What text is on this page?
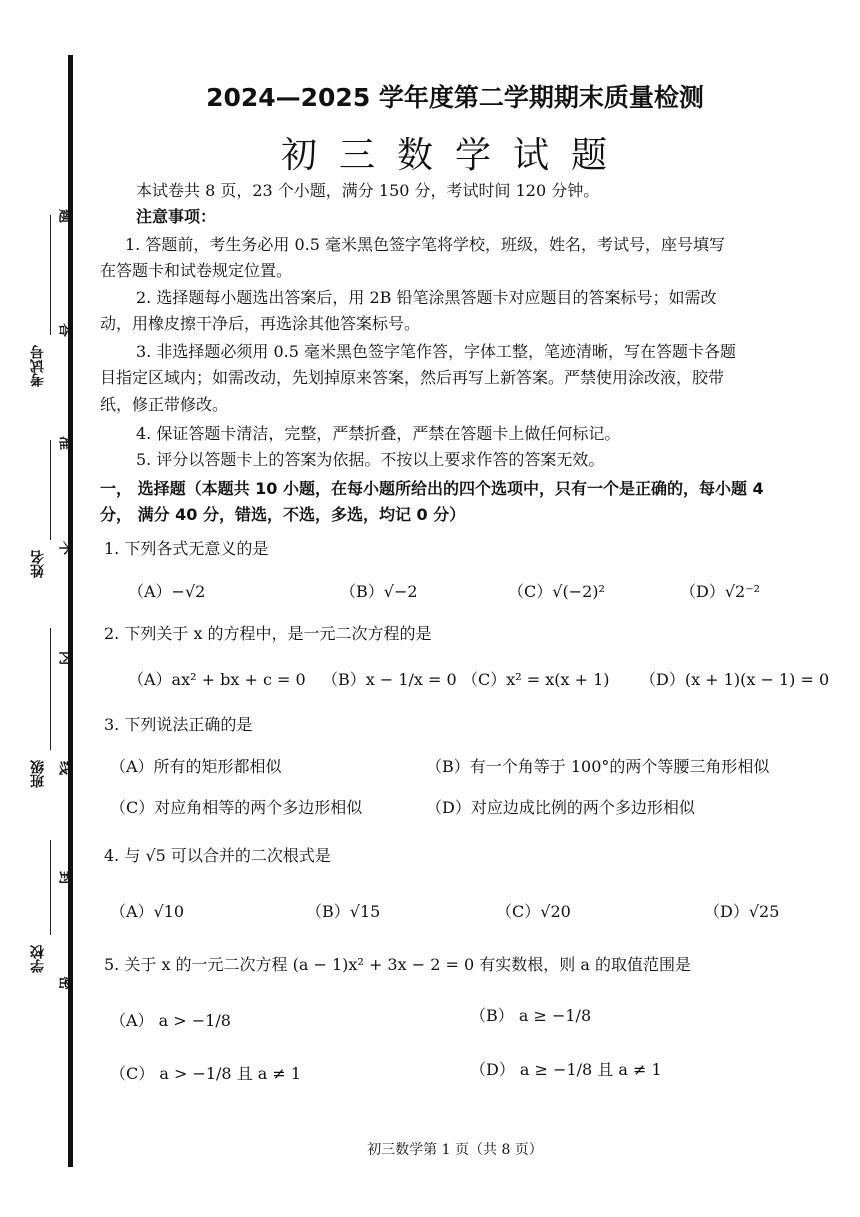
考试号
姓名
班级
学校
题
答
准
不
内
线
封
密
2024—2025 学年度第二学期期末质量检测
初三数学试题
本试卷共 8 页，23 个小题，满分 150 分，考试时间 120 分钟。
注意事项：
1. 答题前，考生务必用 0.5 毫米黑色签字笔将学校，班级，姓名，考试号，座号填写
在答题卡和试卷规定位置。
2. 选择题每小题选出答案后，用 2B 铅笔涂黑答题卡对应题目的答案标号；如需改
动，用橡皮擦干净后，再选涂其他答案标号。
3. 非选择题必须用 0.5 毫米黑色签字笔作答，字体工整，笔迹清晰，写在答题卡各题
目指定区域内；如需改动，先划掉原来答案，然后再写上新答案。严禁使用涂改液，胶带
纸，修正带修改。
4. 保证答题卡清洁，完整，严禁折叠，严禁在答题卡上做任何标记。
5. 评分以答题卡上的答案为依据。不按以上要求作答的答案无效。
一， 选择题（本题共 10 小题，在每小题所给出的四个选项中，只有一个是正确的，每小题 4
分， 满分 40 分，错选，不选，多选，均记 0 分）
1. 下列各式无意义的是
（A）−√2	（B）√−2	（C）√(−2)²	（D）√2⁻²
2. 下列关于 x 的方程中，是一元二次方程的是
（A）ax² + bx + c = 0 （B）x − 1/x = 0 （C）x² = x(x + 1) （D）(x + 1)(x − 1) = 0
3. 下列说法正确的是
（A）所有的矩形都相似	（B）有一个角等于 100°的两个等腰三角形相似
（C）对应角相等的两个多边形相似	（D）对应边成比例的两个多边形相似
4. 与 √5 可以合并的二次根式是
（A）√10	（B）√15	（C）√20	（D）√25
5. 关于 x 的一元二次方程 (a − 1)x² + 3x − 2 = 0 有实数根，则 a 的取值范围是
（A） a > −1/8	（B） a ≥ −1/8
（C） a > −1/8 且 a ≠ 1	（D） a ≥ −1/8 且 a ≠ 1
初三数学第 1 页（共 8 页）
